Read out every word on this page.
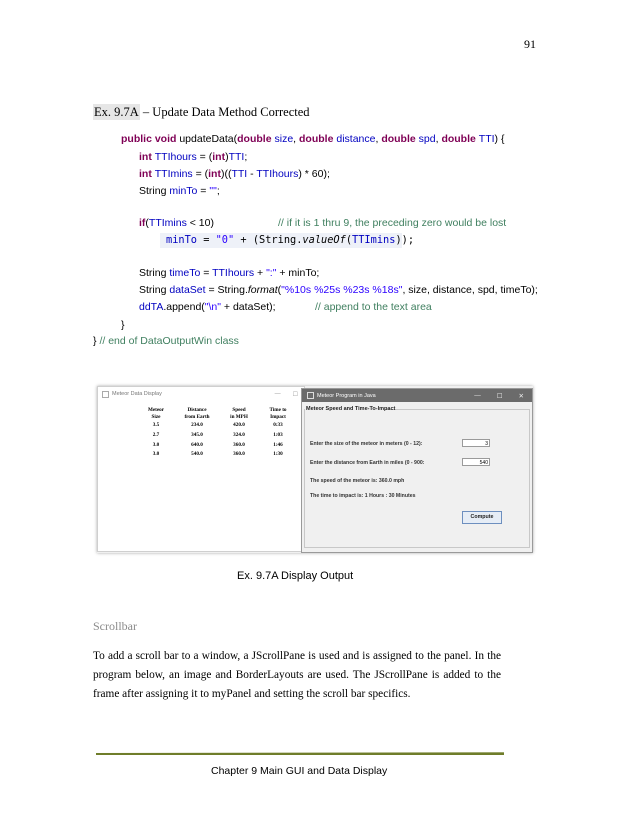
91
Ex. 9.7A – Update Data Method Corrected
public void updateData(double size, double distance, double spd, double TTI) {
int TTIhours = (int)TTI;
int TTImins = (int)((TTI - TTIhours) * 60);
String minTo = "";
if(TTImins < 10)	// if it is 1 thru 9, the preceding zero would be lost
minTo = "0" + (String.valueOf(TTImins));
String timeTo = TTIhours + ":" + minTo;
String dataSet = String.format("%10s %25s %23s %18s", size, distance, spd, timeTo);
ddTA.append("\n" + dataSet);	// append to the text area
}
} // end of DataOutputWin class
Meteor Data Display	— ☐
Meteor	Distance	Speed	Time to
Size	from Earth	in MPH	Impact
3.5	234.0	420.0	0:33
2.7	345.0	324.0	1:03
3.0	640.0	360.0	1:46
3.0	540.0	360.0	1:30
Meteor Program in Java	— ☐ ✕
Meteor Speed and Time-To-Impact
Enter the size of the meteor in meters (0 - 12):	3
Enter the distance from Earth in miles (0 - 900:	540
The speed of the meteor is: 360.0 mph
The time to impact is: 1 Hours : 30 Minutes
Compute
Ex. 9.7A Display Output
Scrollbar
To add a scroll bar to a window, a JScrollPane is used and is assigned to the panel. In the program below, an image and BorderLayouts are used. The JScrollPane is added to the frame after assigning it to myPanel and setting the scroll bar specifics.
Chapter 9 Main GUI and Data Display
